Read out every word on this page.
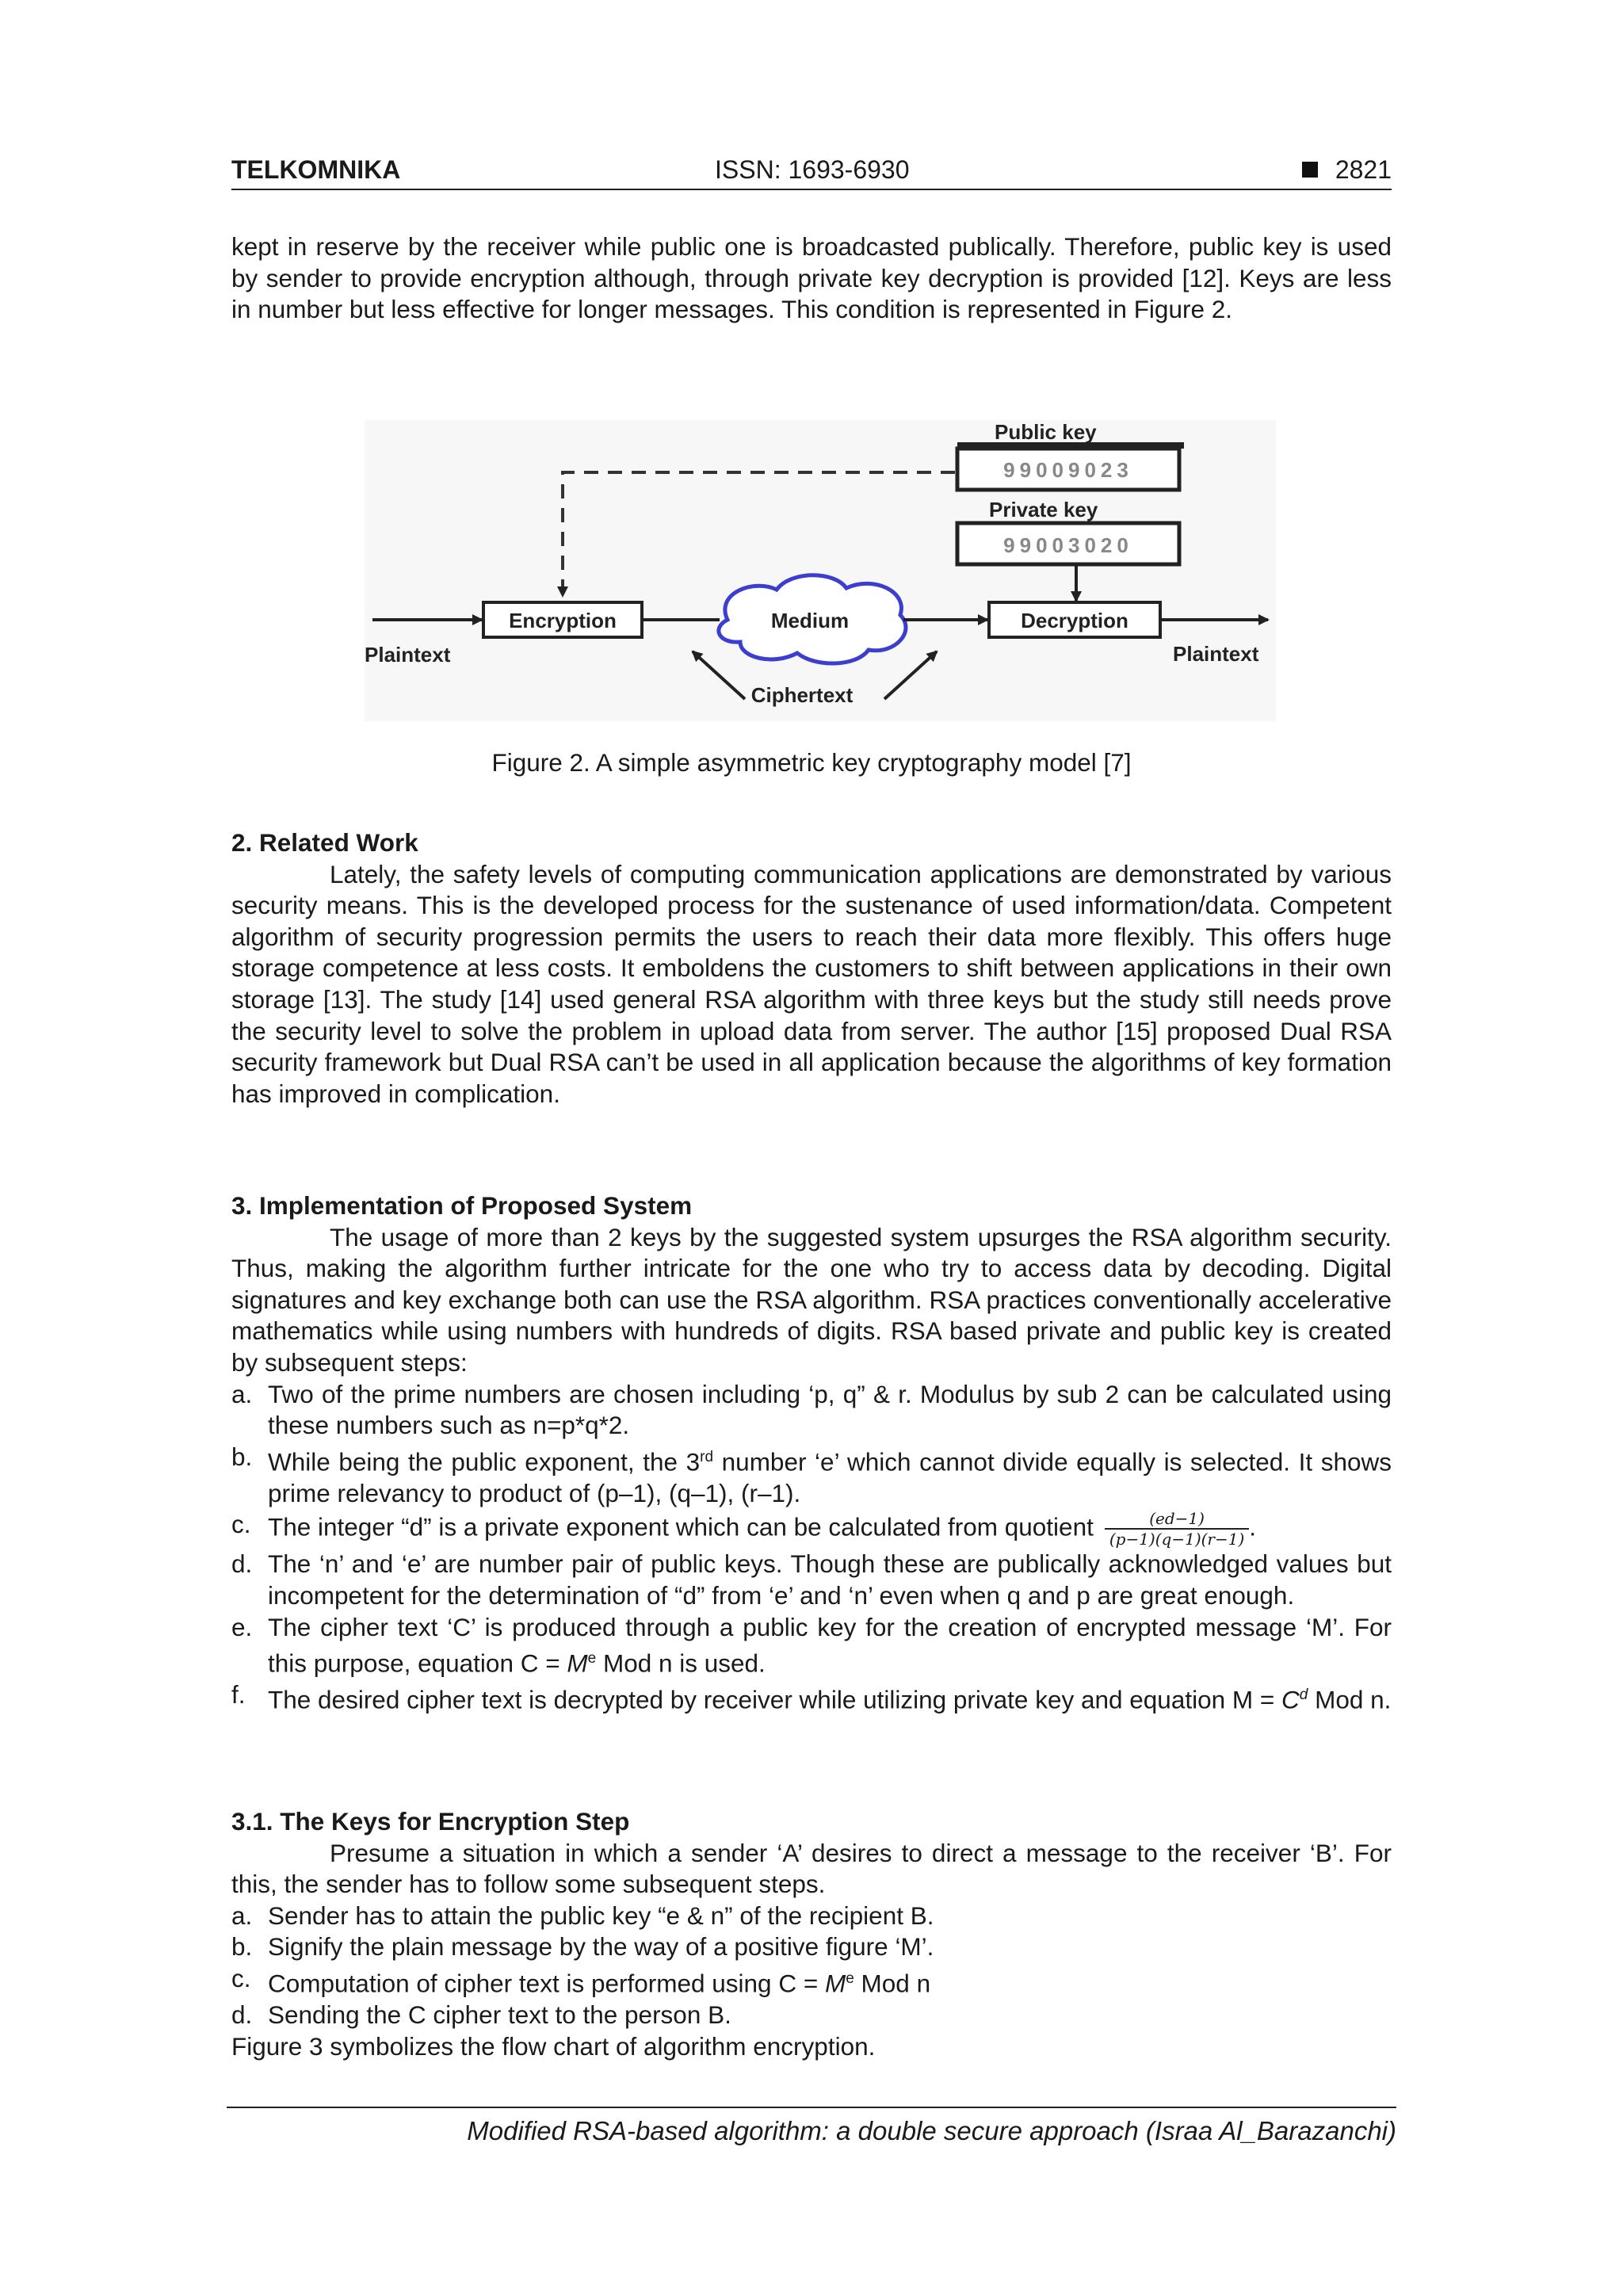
TELKOMNIKA	ISSN: 1693-6930	2821

kept in reserve by the receiver while public one is broadcasted publically. Therefore, public key is used by sender to provide encryption although, through private key decryption is provided [12]. Keys are less in number but less effective for longer messages. This condition is represented in Figure 2.

Public key
99009023
Private key
99003020
Encryption	Medium	Decryption
Plaintext	Plaintext
Ciphertext
Figure 2. A simple asymmetric key cryptography model [7]
2. Related Work

Lately, the safety levels of computing communication applications are demonstrated by various security means. This is the developed process for the sustenance of used information/data. Competent algorithm of security progression permits the users to reach their data more flexibly. This offers huge storage competence at less costs. It emboldens the customers to shift between applications in their own storage [13]. The study [14] used general RSA algorithm with three keys but the study still needs prove the security level to solve the problem in upload data from server. The author [15] proposed Dual RSA security framework but Dual RSA can’t be used in all application because the algorithms of key formation has improved in complication.

3. Implementation of Proposed System

The usage of more than 2 keys by the suggested system upsurges the RSA algorithm security. Thus, making the algorithm further intricate for the one who try to access data by decoding. Digital signatures and key exchange both can use the RSA algorithm. RSA practices conventionally accelerative mathematics while using numbers with hundreds of digits. RSA based private and public key is created by subsequent steps:

a. Two of the prime numbers are chosen including ‘p, q” & r. Modulus by sub 2 can be calculated using these numbers such as n=p*q*2.
b. While being the public exponent, the 3rd number ‘e’ which cannot divide equally is selected. It shows prime relevancy to product of (p–1), (q–1), (r–1).
c. The integer “d” is a private exponent which can be calculated from quotient $\frac{(ed-1)}{(p-1)(q-1)(r-1)}$ .
d. The ‘n’ and ‘e’ are number pair of public keys. Though these are publically acknowledged values but incompetent for the determination of “d” from ‘e’ and ‘n’ even when q and p are great enough.
e. The cipher text ‘C’ is produced through a public key for the creation of encrypted message ‘M’. For this purpose, equation $C = M^e$ Mod n is used.
f. The desired cipher text is decrypted by receiver while utilizing private key and equation $M = C^d$ Mod n.
3.1. The Keys for Encryption Step

Presume a situation in which a sender ‘A’ desires to direct a message to the receiver ‘B’. For this, the sender has to follow some subsequent steps.

a. Sender has to attain the public key “e & n” of the recipient B.
b. Signify the plain message by the way of a positive figure ‘M’.
c. Computation of cipher text is performed using $C = M^e$ Mod n
d. Sending the C cipher text to the person B.

Figure 3 symbolizes the flow chart of algorithm encryption.

Modified RSA-based algorithm: a double secure approach (Israa Al_Barazanchi)
